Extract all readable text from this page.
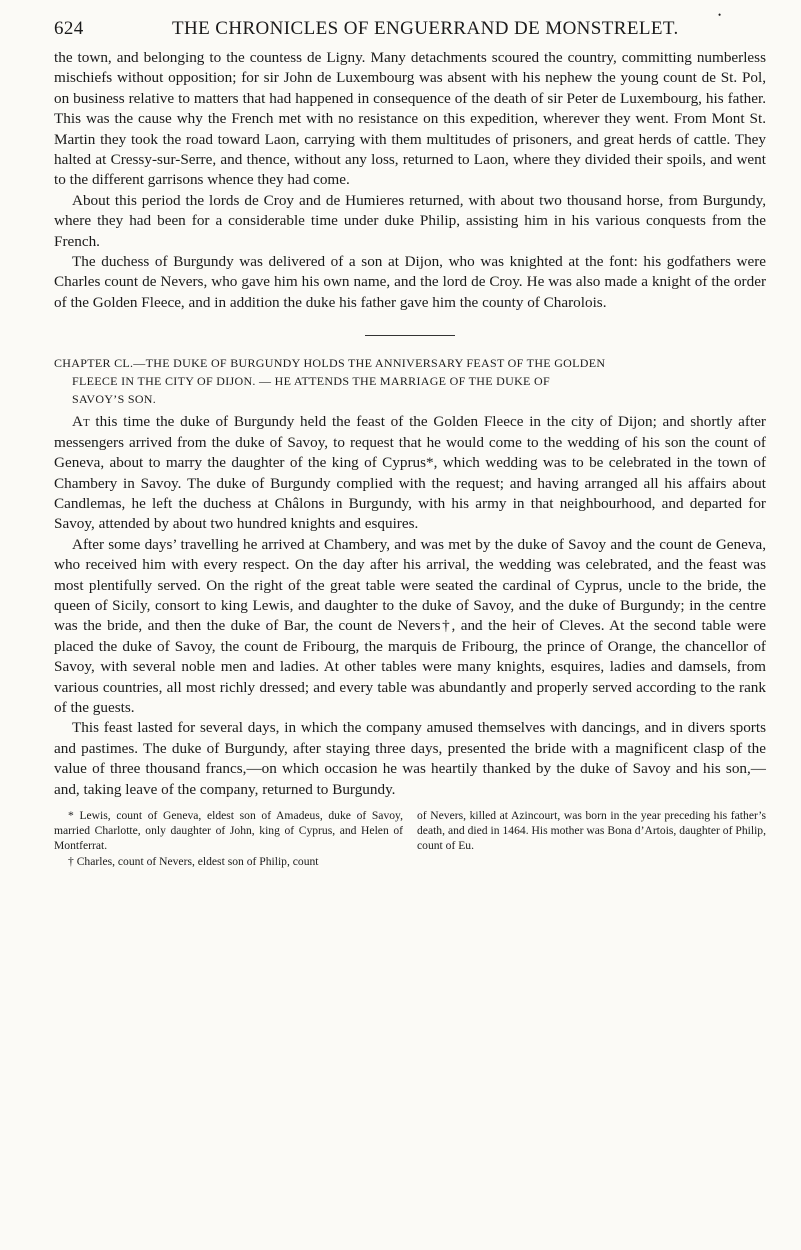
624	THE CHRONICLES OF ENGUERRAND DE MONSTRELET.
•

the town, and belonging to the countess de Ligny. Many detachments scoured the country, committing numberless mischiefs without opposition; for sir John de Luxembourg was absent with his nephew the young count de St. Pol, on business relative to matters that had happened in consequence of the death of sir Peter de Luxembourg, his father. This was the cause why the French met with no resistance on this expedition, wherever they went. From Mont St. Martin they took the road toward Laon, carrying with them multitudes of prisoners, and great herds of cattle. They halted at Cressy-sur-Serre, and thence, without any loss, returned to Laon, where they divided their spoils, and went to the different garrisons whence they had come.

About this period the lords de Croy and de Humieres returned, with about two thousand horse, from Burgundy, where they had been for a considerable time under duke Philip, assisting him in his various conquests from the French.

The duchess of Burgundy was delivered of a son at Dijon, who was knighted at the font: his godfathers were Charles count de Nevers, who gave him his own name, and the lord de Croy. He was also made a knight of the order of the Golden Fleece, and in addition the duke his father gave him the county of Charolois.

CHAPTER CL.—THE DUKE OF BURGUNDY HOLDS THE ANNIVERSARY FEAST OF THE GOLDEN
FLEECE IN THE CITY OF DIJON. — HE ATTENDS THE MARRIAGE OF THE DUKE OF
SAVOY’S SON.

At this time the duke of Burgundy held the feast of the Golden Fleece in the city of Dijon; and shortly after messengers arrived from the duke of Savoy, to request that he would come to the wedding of his son the count of Geneva, about to marry the daughter of the king of Cyprus*, which wedding was to be celebrated in the town of Chambery in Savoy. The duke of Burgundy complied with the request; and having arranged all his affairs about Candlemas, he left the duchess at Châlons in Burgundy, with his army in that neighbourhood, and departed for Savoy, attended by about two hundred knights and esquires.

After some days’ travelling he arrived at Chambery, and was met by the duke of Savoy and the count de Geneva, who received him with every respect. On the day after his arrival, the wedding was celebrated, and the feast was most plentifully served. On the right of the great table were seated the cardinal of Cyprus, uncle to the bride, the queen of Sicily, consort to king Lewis, and daughter to the duke of Savoy, and the duke of Burgundy; in the centre was the bride, and then the duke of Bar, the count de Nevers†, and the heir of Cleves. At the second table were placed the duke of Savoy, the count de Fribourg, the marquis de Fribourg, the prince of Orange, the chancellor of Savoy, with several noble men and ladies. At other tables were many knights, esquires, ladies and damsels, from various countries, all most richly dressed; and every table was abundantly and properly served according to the rank of the guests.

This feast lasted for several days, in which the company amused themselves with dancings, and in divers sports and pastimes. The duke of Burgundy, after staying three days, presented the bride with a magnificent clasp of the value of three thousand francs,—on which occasion he was heartily thanked by the duke of Savoy and his son,—and, taking leave of the company, returned to Burgundy.

* Lewis, count of Geneva, eldest son of Amadeus, duke of Savoy, married Charlotte, only daughter of John, king of Cyprus, and Helen of Montferrat.

† Charles, count of Nevers, eldest son of Philip, count

of Nevers, killed at Azincourt, was born in the year preceding his father’s death, and died in 1464. His mother was Bona d’Artois, daughter of Philip, count of Eu.
